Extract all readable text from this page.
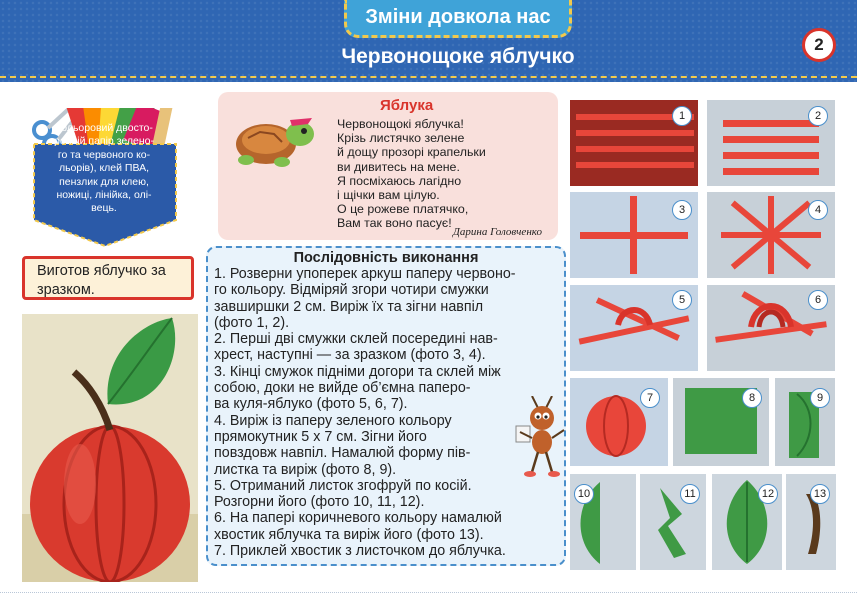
Зміни довкола нас
Червонощоке яблучко
2
Кольоровий двосто-
ронній папір зелено-
го та червоного ко-
льорів), клей ПВА,
пензлик для клею,
ножиці, лінійка, олі-
вець.
Виготов яблучко за
зразком.
Яблука
Червонощокі яблучка!
Крізь листячко зелене
й дощу прозорі крапельки
ви дивитесь на мене.
Я посміхаюсь лагідно
і щічки вам цілую.
О це рожеве платячко,
Вам так воно пасує!
Дарина Головченко
Послідовність виконання
1. Розверни упоперек аркуш паперу червоно-
го кольору. Відміряй згори чотири смужки
завширшки 2 см. Виріж їх та зігни навпіл
(фото 1, 2).
2. Перші дві смужки склей посередині нав-
хрест, наступні — за зразком (фото 3, 4).
3. Кінці смужок підніми догори та склей між
собою, доки не вийде об’ємна паперо-
ва куля-яблуко (фото 5, 6, 7).
4. Виріж із паперу зеленого кольору
прямокутник 5 х 7 см. Зігни його
повздовж навпіл. Намалюй форму пів-
листка та виріж (фото 8, 9).
5. Отриманий листок згофруй по косій.
Розгорни його (фото 10, 11, 12).
6. На папері коричневого кольору намалюй
хвостик яблучка та виріж його (фото 13).
7. Приклей хвостик з листочком до яблучка.
1	2
3	4
5	6
7	8	9
10	11	12	13
